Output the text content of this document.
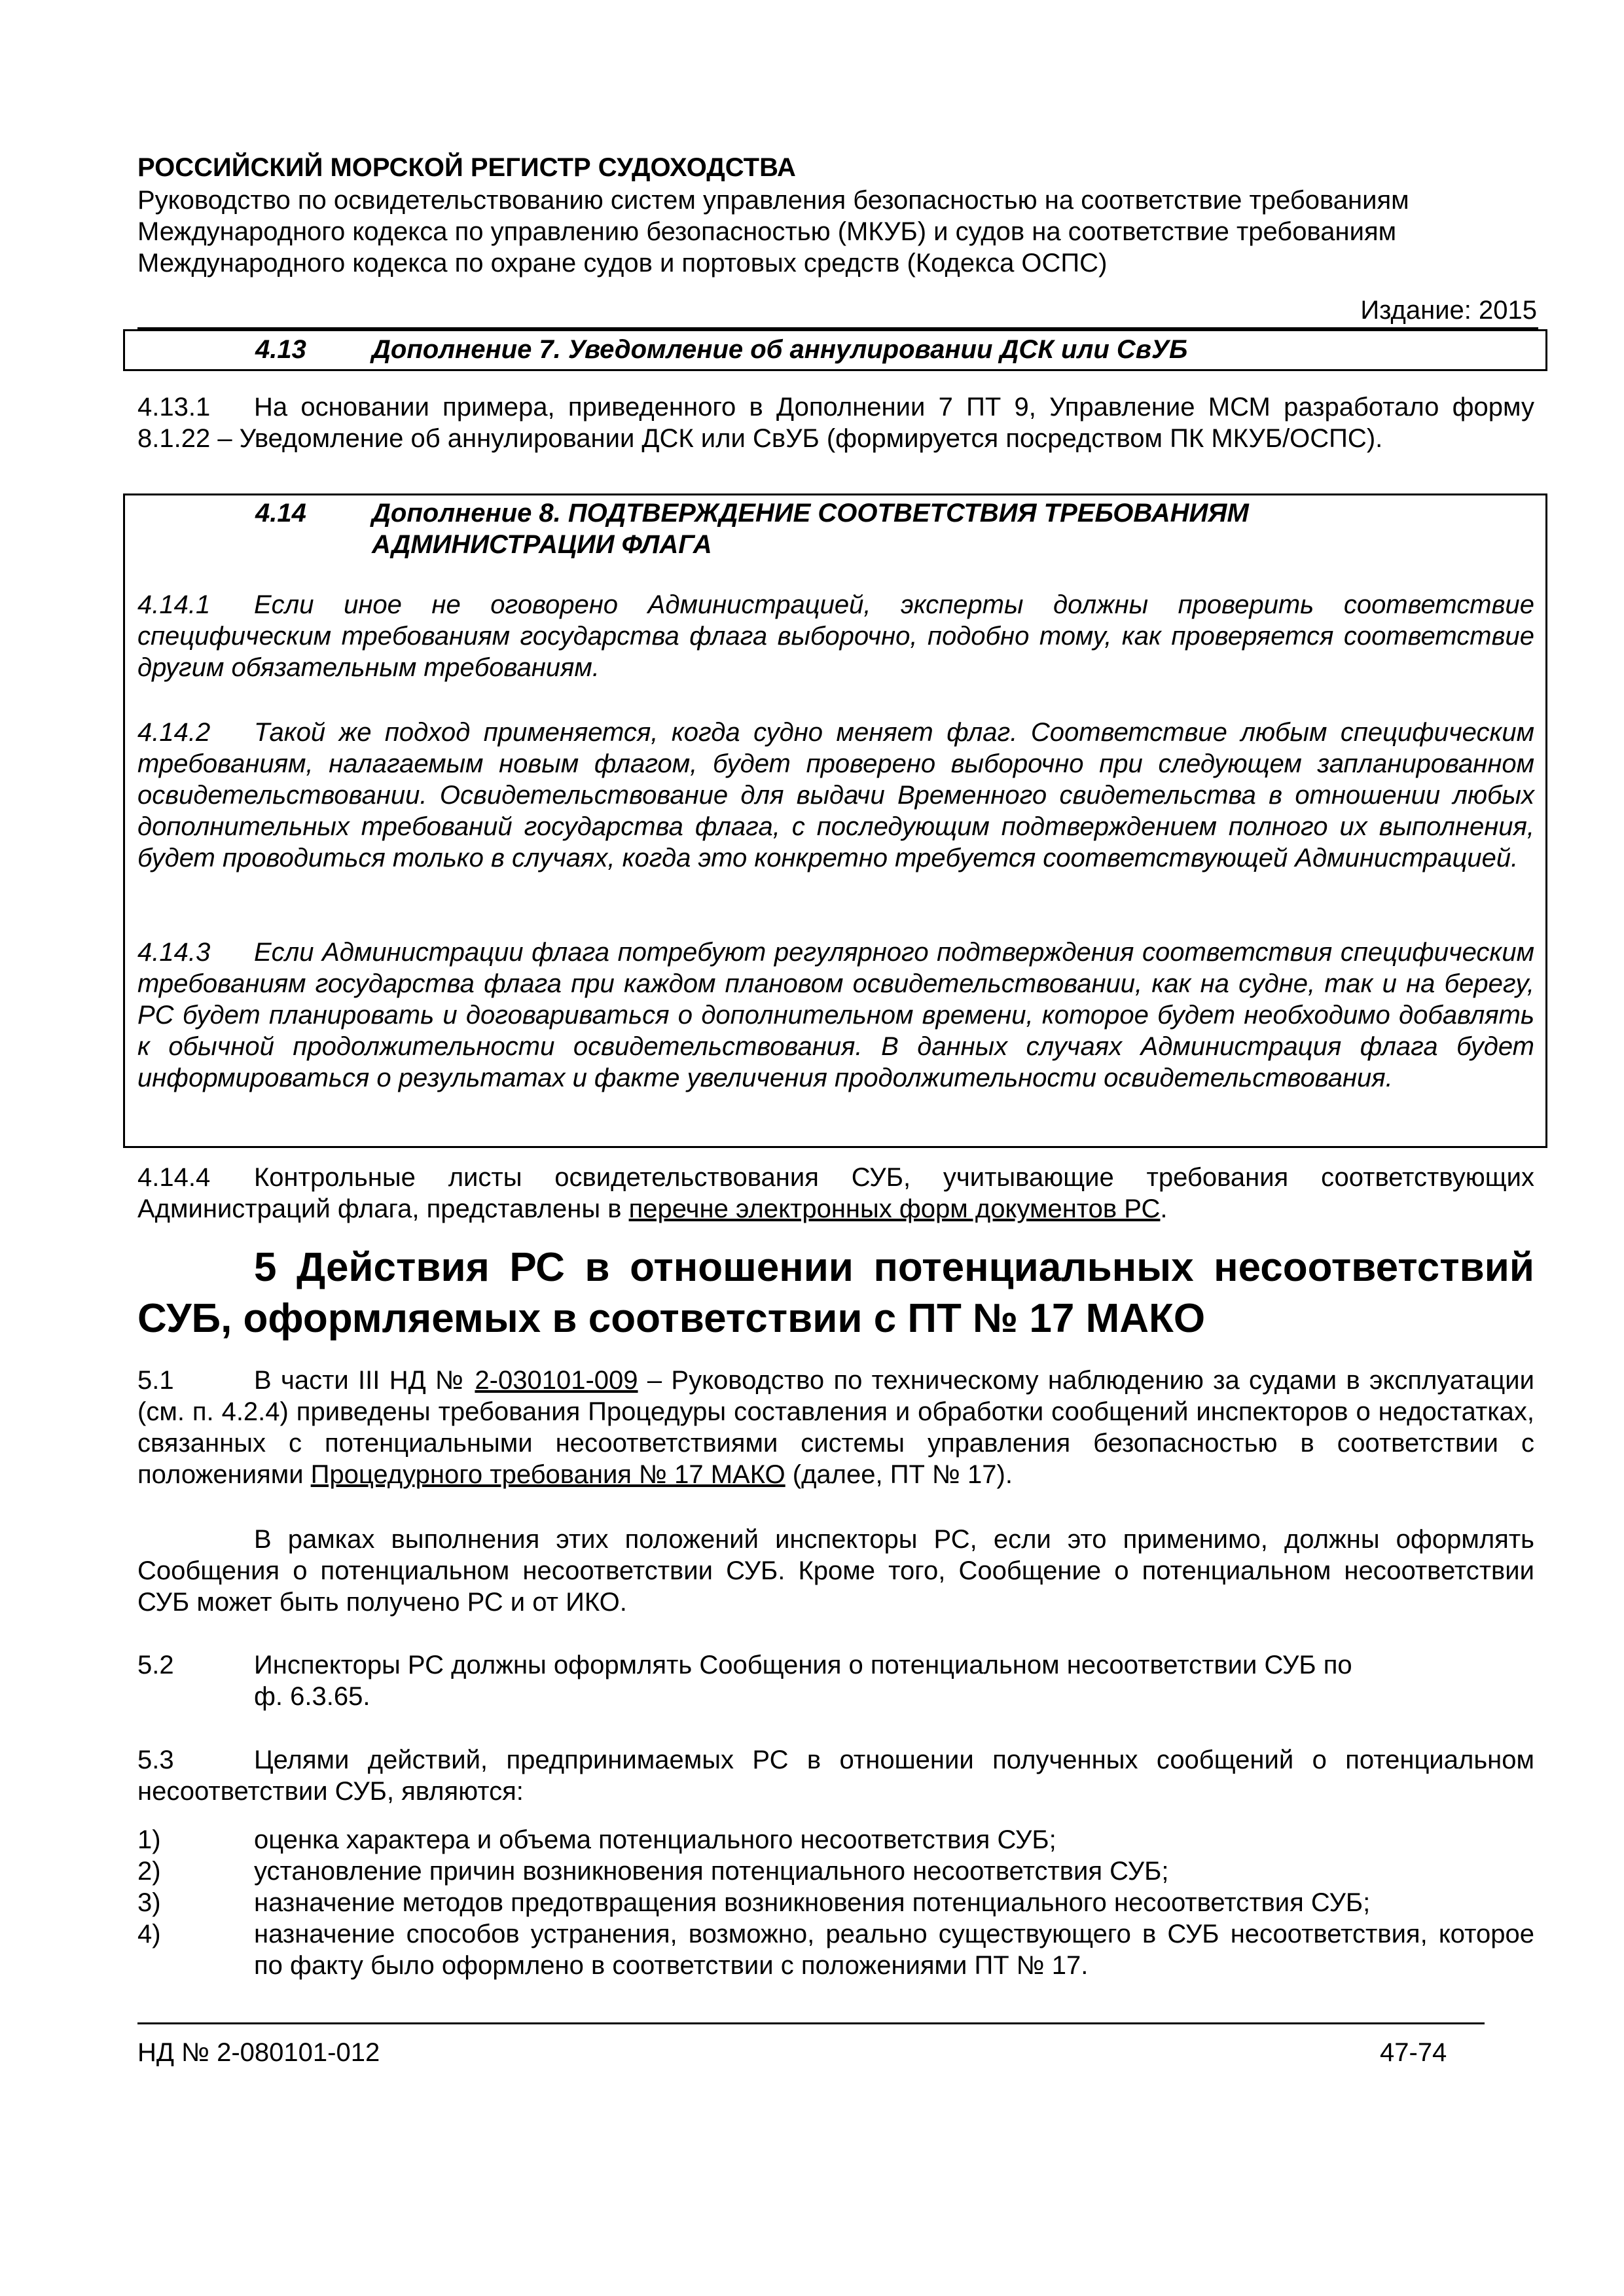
РОССИЙСКИЙ МОРСКОЙ РЕГИСТР СУДОХОДСТВА
Руководство по освидетельствованию систем управления безопасностью на соответствие требованиям Международного кодекса по управлению безопасностью (МКУБ) и судов на соответствие требованиям Международного кодекса по охране судов и портовых средств (Кодекса ОСПС)
Издание: 2015
4.13	Дополнение 7. Уведомление об аннулировании ДСК или СвУБ
4.13.1 На основании примера, приведенного в Дополнении 7 ПТ 9, Управление МСМ разработало форму 8.1.22 – Уведомление об аннулировании ДСК или СвУБ (формируется посредством ПК МКУБ/ОСПС).
4.14	Дополнение 8. ПОДТВЕРЖДЕНИЕ СООТВЕТСТВИЯ ТРЕБОВАНИЯМ АДМИНИСТРАЦИИ ФЛАГА
4.14.1 Если иное не оговорено Администрацией, эксперты должны проверить соответствие специфическим требованиям государства флага выборочно, подобно тому, как проверяется соответствие другим обязательным требованиям.
4.14.2 Такой же подход применяется, когда судно меняет флаг. Соответствие любым специфическим требованиям, налагаемым новым флагом, будет проверено выборочно при следующем запланированном освидетельствовании. Освидетельствование для выдачи Временного свидетельства в отношении любых дополнительных требований государства флага, с последующим подтверждением полного их выполнения, будет проводиться только в случаях, когда это конкретно требуется соответствующей Администрацией.
4.14.3 Если Администрации флага потребуют регулярного подтверждения соответствия специфическим требованиям государства флага при каждом плановом освидетельствовании, как на судне, так и на берегу, РС будет планировать и договариваться о дополнительном времени, которое будет необходимо добавлять к обычной продолжительности освидетельствования. В данных случаях Администрация флага будет информироваться о результатах и факте увеличения продолжительности освидетельствования.
4.14.4 Контрольные листы освидетельствования СУБ, учитывающие требования соответствующих Администраций флага, представлены в перечне электронных форм документов РС.
5 Действия РС в отношении потенциальных несоответствий СУБ, оформляемых в соответствии с ПТ № 17 МАКО
5.1	В части III НД № 2-030101-009 – Руководство по техническому наблюдению за судами в эксплуатации (см. п. 4.2.4) приведены требования Процедуры составления и обработки сообщений инспекторов о недостатках, связанных с потенциальными несоответствиями системы управления безопасностью в соответствии с положениями Процедурного требования № 17 МАКО (далее, ПТ № 17).
В рамках выполнения этих положений инспекторы РС, если это применимо, должны оформлять Сообщения о потенциальном несоответствии СУБ. Кроме того, Сообщение о потенциальном несоответствии СУБ может быть получено РС и от ИКО.
5.2	Инспекторы РС должны оформлять Сообщения о потенциальном несоответствии СУБ по
ф. 6.3.65.
5.3	Целями действий, предпринимаемых РС в отношении полученных сообщений о потенциальном несоответствии СУБ, являются:
1)	оценка характера и объема потенциального несоответствия СУБ;
2)	установление причин возникновения потенциального несоответствия СУБ;
3)	назначение методов предотвращения возникновения потенциального несоответствия СУБ;
4)	назначение способов устранения, возможно, реально существующего в СУБ несоответствия, которое по факту было оформлено в соответствии с положениями ПТ № 17.
НД № 2-080101-012	47-74
